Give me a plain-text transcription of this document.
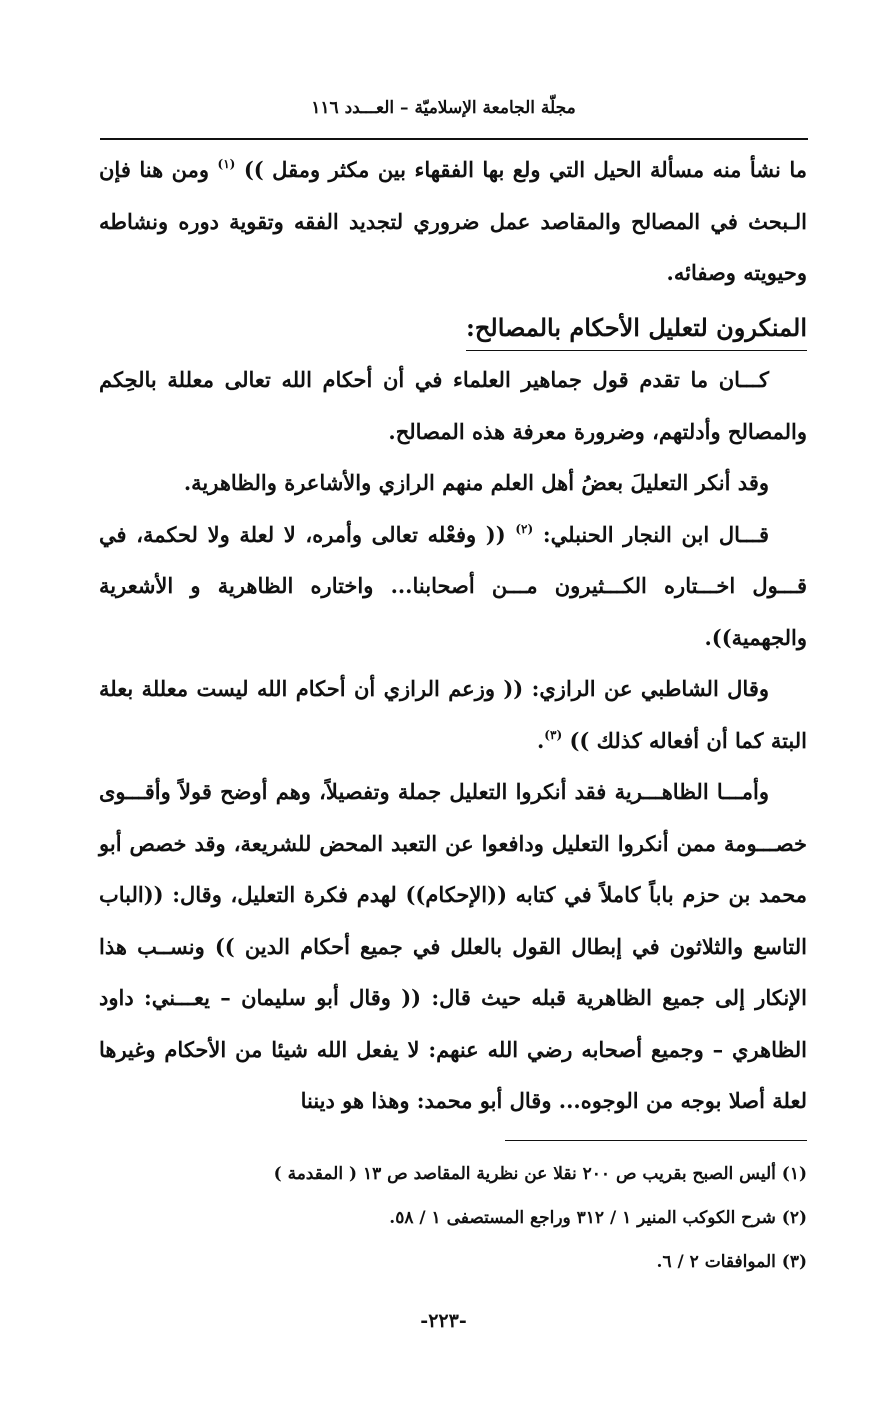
مجلّة الجامعة الإسلاميّة – العـــدد ١١٦

ما نشأ منه مسألة الحيل التي ولع بها الفقهاء بين مكثر ومقل )) $^{(١)}$ ومن هنا فإن الـبحث في المصالح والمقاصد عمل ضروري لتجديد الفقه وتقوية دوره ونشاطه وحيويته وصفائه.

المنكرون لتعليل الأحكام بالمصالح:

كـــان ما تقدم قول جماهير العلماء في أن أحكام الله تعالى معللة بالحِكم والمصالح وأدلتهم، وضرورة معرفة هذه المصالح.

وقد أنكر التعليلَ بعضُ أهل العلم منهم الرازي والأشاعرة والظاهرية.

قـــال ابن النجار الحنبلي: $^{(٢)}$ (( وفعْله تعالى وأمره، لا لعلة ولا لحكمة، في قـــول اخـــتاره الكـــثيرون مـــن أصحابنا... واختاره الظاهرية و الأشعرية والجهمية)).

وقال الشاطبي عن الرازي: (( وزعم الرازي أن أحكام الله ليست معللة بعلة البتة كما أن أفعاله كذلك )) $^{(٣)}$.

وأمـــا الظاهـــرية فقد أنكروا التعليل جملة وتفصيلاً، وهم أوضح قولاً وأقـــوى خصـــومة ممن أنكروا التعليل ودافعوا عن التعبد المحض للشريعة، وقد خصص أبو محمد بن حزم باباً كاملاً في كتابه ((الإحكام)) لهدم فكرة التعليل، وقال: ((الباب التاسع والثلاثون في إبطال القول بالعلل في جميع أحكام الدين )) ونســب هذا الإنكار إلى جميع الظاهرية قبله حيث قال: (( وقال أبو سليمان – يعـــني: داود الظاهري – وجميع أصحابه رضي الله عنهم: لا يفعل الله شيئا من الأحكام وغيرها لعلة أصلا بوجه من الوجوه... وقال أبو محمد: وهذا هو ديننا

(١) أليس الصبح بقريب ص ٢٠٠ نقلا عن نظرية المقاصد ص ١٣ ( المقدمة )

(٢) شرح الكوكب المنير ١ / ٣١٢ وراجع المستصفى ١ / ٥٨.

(٣) الموافقات ٢ / ٦.

-٢٢٣-
